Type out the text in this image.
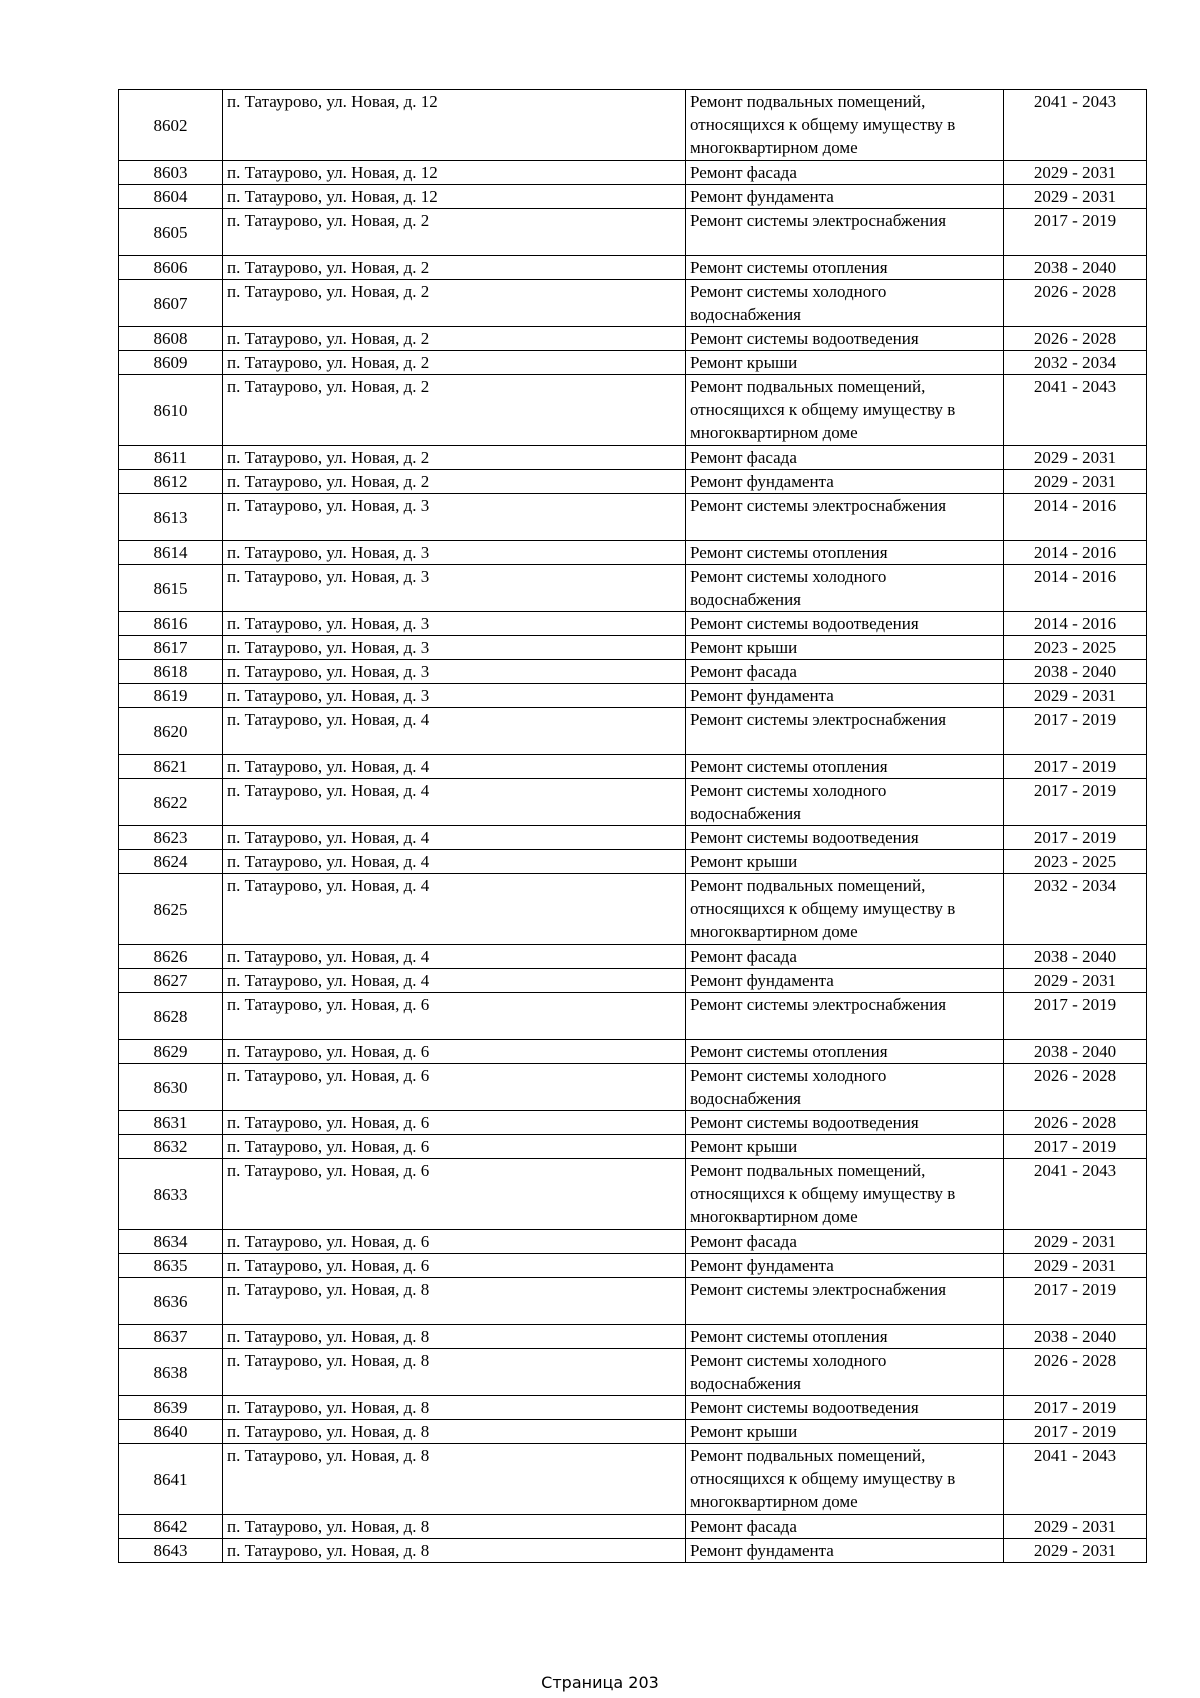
8602	п. Татаурово, ул. Новая, д. 12	Ремонт подвальных помещений, относящихся к общему имуществу в многоквартирном доме	2041 - 2043
8603	п. Татаурово, ул. Новая, д. 12	Ремонт фасада	2029 - 2031
8604	п. Татаурово, ул. Новая, д. 12	Ремонт фундамента	2029 - 2031
8605	п. Татаурово, ул. Новая, д. 2	Ремонт системы электроснабжения	2017 - 2019
8606	п. Татаурово, ул. Новая, д. 2	Ремонт системы отопления	2038 - 2040
8607	п. Татаурово, ул. Новая, д. 2	Ремонт системы холодного водоснабжения	2026 - 2028
8608	п. Татаурово, ул. Новая, д. 2	Ремонт системы водоотведения	2026 - 2028
8609	п. Татаурово, ул. Новая, д. 2	Ремонт крыши	2032 - 2034
8610	п. Татаурово, ул. Новая, д. 2	Ремонт подвальных помещений, относящихся к общему имуществу в многоквартирном доме	2041 - 2043
8611	п. Татаурово, ул. Новая, д. 2	Ремонт фасада	2029 - 2031
8612	п. Татаурово, ул. Новая, д. 2	Ремонт фундамента	2029 - 2031
8613	п. Татаурово, ул. Новая, д. 3	Ремонт системы электроснабжения	2014 - 2016
8614	п. Татаурово, ул. Новая, д. 3	Ремонт системы отопления	2014 - 2016
8615	п. Татаурово, ул. Новая, д. 3	Ремонт системы холодного водоснабжения	2014 - 2016
8616	п. Татаурово, ул. Новая, д. 3	Ремонт системы водоотведения	2014 - 2016
8617	п. Татаурово, ул. Новая, д. 3	Ремонт крыши	2023 - 2025
8618	п. Татаурово, ул. Новая, д. 3	Ремонт фасада	2038 - 2040
8619	п. Татаурово, ул. Новая, д. 3	Ремонт фундамента	2029 - 2031
8620	п. Татаурово, ул. Новая, д. 4	Ремонт системы электроснабжения	2017 - 2019
8621	п. Татаурово, ул. Новая, д. 4	Ремонт системы отопления	2017 - 2019
8622	п. Татаурово, ул. Новая, д. 4	Ремонт системы холодного водоснабжения	2017 - 2019
8623	п. Татаурово, ул. Новая, д. 4	Ремонт системы водоотведения	2017 - 2019
8624	п. Татаурово, ул. Новая, д. 4	Ремонт крыши	2023 - 2025
8625	п. Татаурово, ул. Новая, д. 4	Ремонт подвальных помещений, относящихся к общему имуществу в многоквартирном доме	2032 - 2034
8626	п. Татаурово, ул. Новая, д. 4	Ремонт фасада	2038 - 2040
8627	п. Татаурово, ул. Новая, д. 4	Ремонт фундамента	2029 - 2031
8628	п. Татаурово, ул. Новая, д. 6	Ремонт системы электроснабжения	2017 - 2019
8629	п. Татаурово, ул. Новая, д. 6	Ремонт системы отопления	2038 - 2040
8630	п. Татаурово, ул. Новая, д. 6	Ремонт системы холодного водоснабжения	2026 - 2028
8631	п. Татаурово, ул. Новая, д. 6	Ремонт системы водоотведения	2026 - 2028
8632	п. Татаурово, ул. Новая, д. 6	Ремонт крыши	2017 - 2019
8633	п. Татаурово, ул. Новая, д. 6	Ремонт подвальных помещений, относящихся к общему имуществу в многоквартирном доме	2041 - 2043
8634	п. Татаурово, ул. Новая, д. 6	Ремонт фасада	2029 - 2031
8635	п. Татаурово, ул. Новая, д. 6	Ремонт фундамента	2029 - 2031
8636	п. Татаурово, ул. Новая, д. 8	Ремонт системы электроснабжения	2017 - 2019
8637	п. Татаурово, ул. Новая, д. 8	Ремонт системы отопления	2038 - 2040
8638	п. Татаурово, ул. Новая, д. 8	Ремонт системы холодного водоснабжения	2026 - 2028
8639	п. Татаурово, ул. Новая, д. 8	Ремонт системы водоотведения	2017 - 2019
8640	п. Татаурово, ул. Новая, д. 8	Ремонт крыши	2017 - 2019
8641	п. Татаурово, ул. Новая, д. 8	Ремонт подвальных помещений, относящихся к общему имуществу в многоквартирном доме	2041 - 2043
8642	п. Татаурово, ул. Новая, д. 8	Ремонт фасада	2029 - 2031
8643	п. Татаурово, ул. Новая, д. 8	Ремонт фундамента	2029 - 2031
Страница 203
